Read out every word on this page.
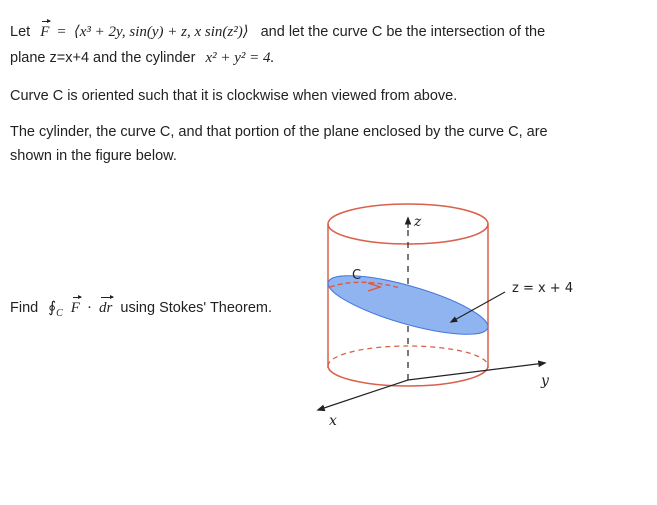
Let F = ⟨x³ + 2y, sin(y) + z, x sin(z²)⟩ and let the curve C be the intersection of the
plane z=x+4 and the cylinder x² + y² = 4.
Curve C is oriented such that it is clockwise when viewed from above.
The cylinder, the curve C, and that portion of the plane enclosed by the curve C, are
shown in the figure below.
Find $∮_C$ F · dr using Stokes' Theorem.
z
y
x
C
z = x + 4
